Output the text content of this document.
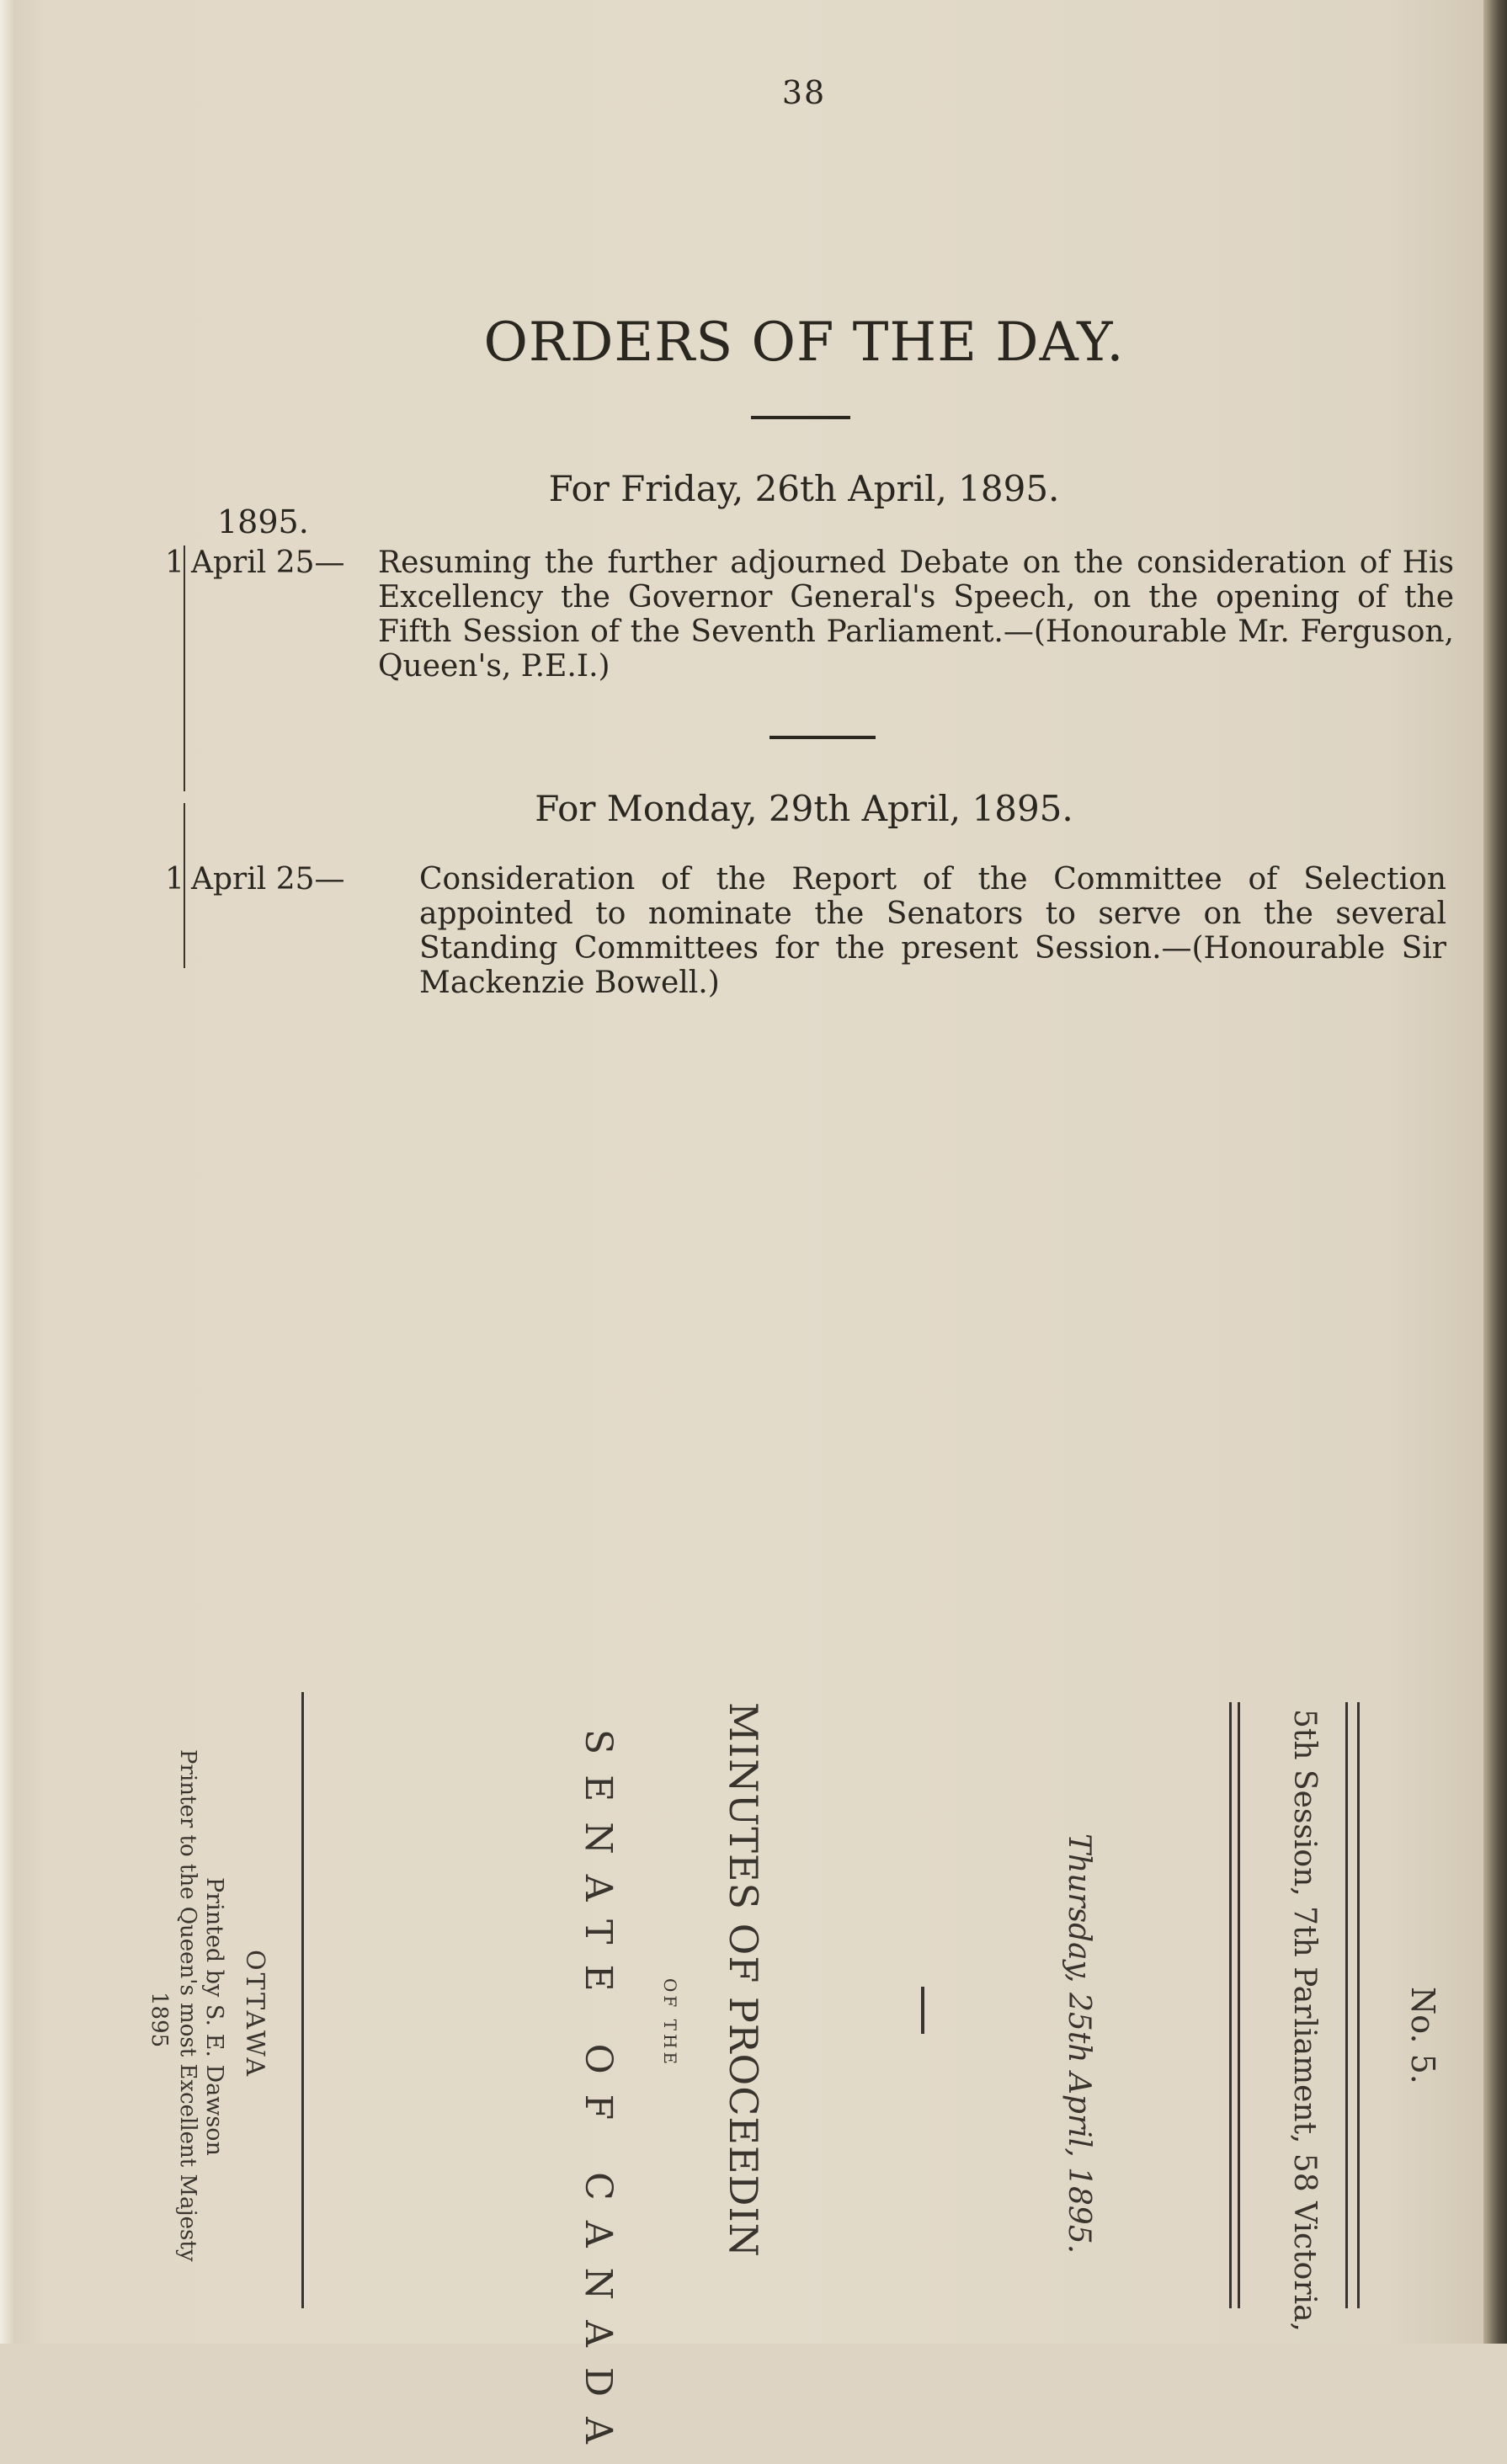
38
ORDERS OF THE DAY.
For Friday, 26th April, 1895.
1895.
1 April 25— Resuming the further adjourned Debate on the consideration of His Excellency the Governor General's Speech, on the opening of the Fifth Session of the Seventh Parliament.—(Honourable Mr. Ferguson, Queen's, P.E.I.)
For Monday, 29th April, 1895.
1 April 25— Consideration of the Report of the Committee of Selection appointed to nominate the Senators to serve on the several Standing Committees for the present Session.—(Honourable Sir Mackenzie Bowell.)
5th Session, 7th Parliament, 58 Victoria,	No. 5.
Thursday, 25th April, 1895.
MINUTES OF PROCEEDIN
OF THE
SENATE OF CANADA
OTTAWA
Printed by S. E. Dawson
Printer to the Queen's most Excellent Majesty
1895
